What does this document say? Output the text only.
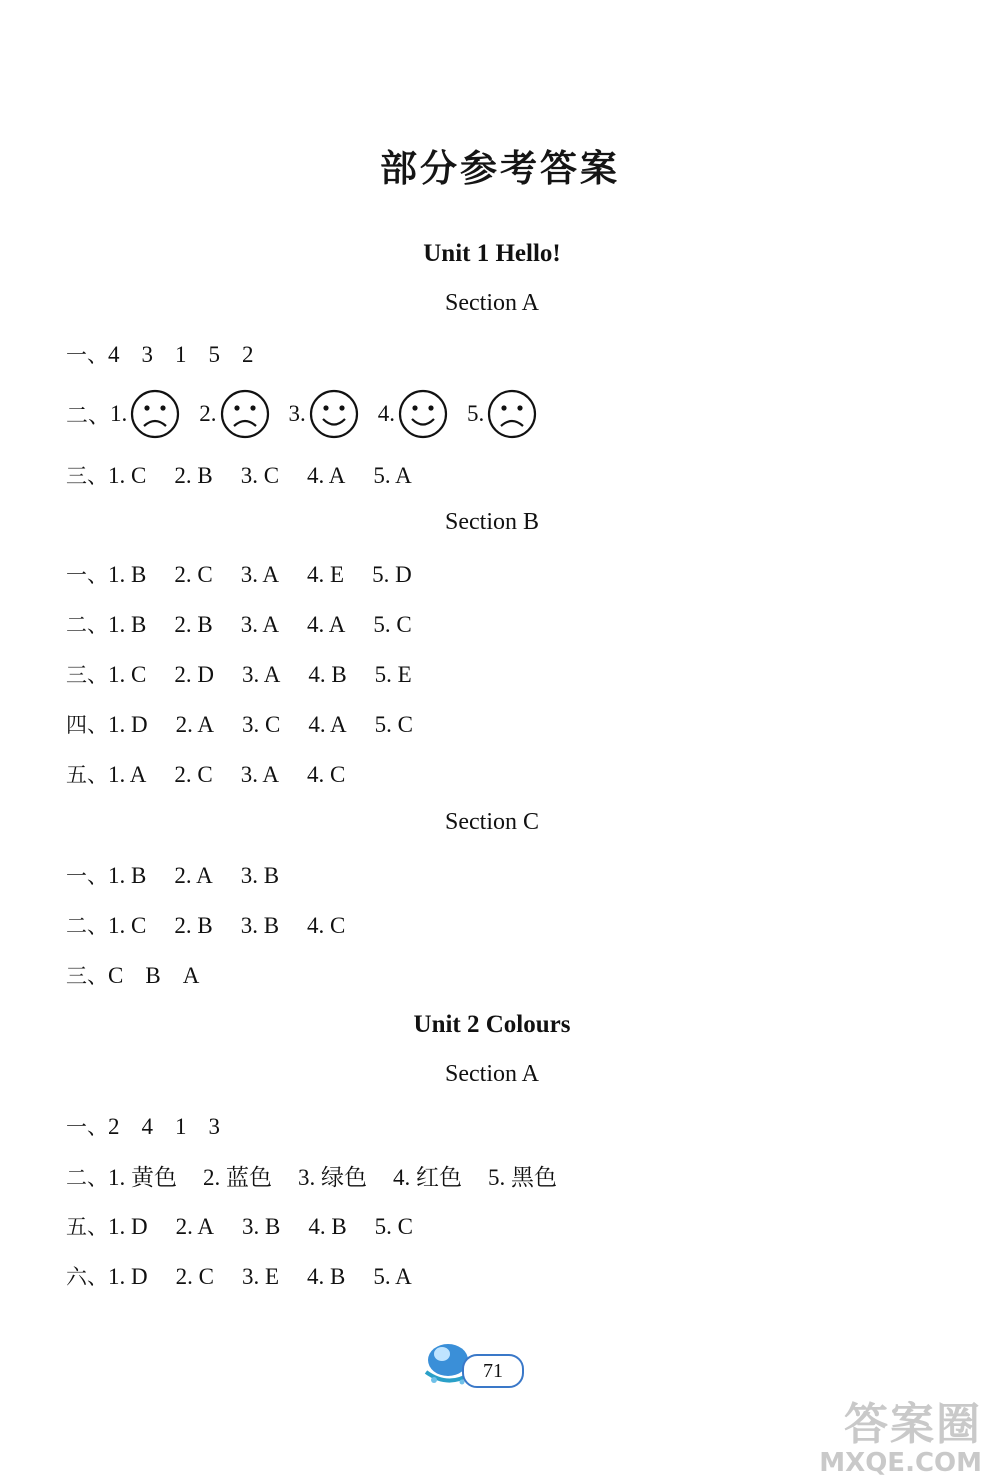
部分参考答案
Unit 1 Hello!
Section A
一、4 3 1 5 2
二、 1.	2.	3.	4.	5.
三、1. C 2. B 3. C 4. A 5. A
Section B
一、1. B 2. C 3. A 4. E 5. D
二、1. B 2. B 3. A 4. A 5. C
三、1. C 2. D 3. A 4. B 5. E
四、1. D 2. A 3. C 4. A 5. C
五、1. A 2. C 3. A 4. C
Section C
一、1. B 2. A 3. B
二、1. C 2. B 3. B 4. C
三、C B A
Unit 2 Colours
Section A
一、2 4 1 3
二、1. 黄色 2. 蓝色 3. 绿色 4. 红色 5. 黑色
五、1. D 2. A 3. B 4. B 5. C
六、1. D 2. C 3. E 4. B 5. A
71
答案圈
MXQE.COM
